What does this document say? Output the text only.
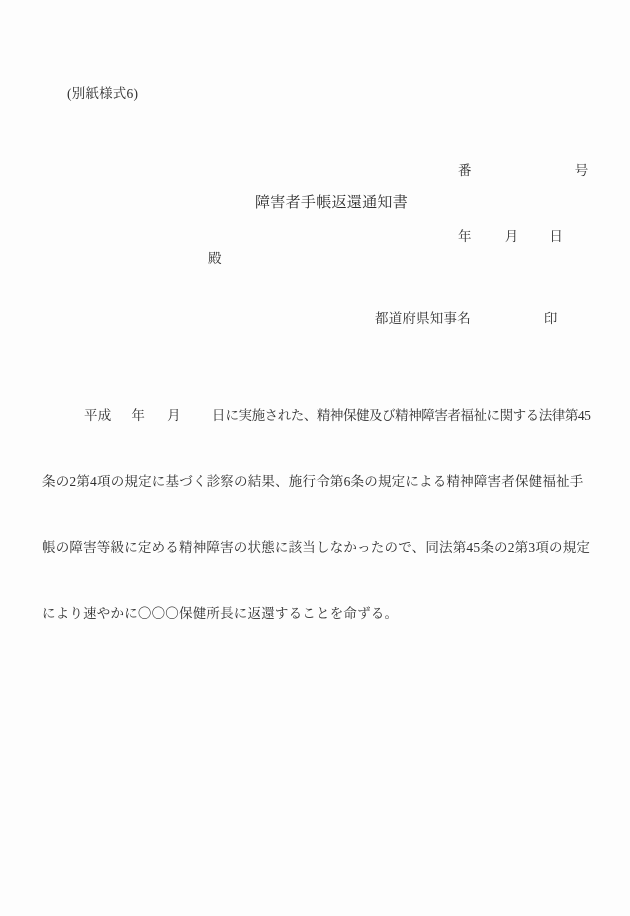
(別紙様式6)

番	号

年 月 日

障害者手帳返還通知書
殿
都道府県知事名	印

平成 年 月 日に実施された、精神保健及び精神障害者福祉に関する法律第45

条の2第4項の規定に基づく診察の結果、施行令第6条の規定による精神障害者保健福祉手

帳の障害等級に定める精神障害の状態に該当しなかったので、同法第45条の2第3項の規定

により速やかに〇〇〇保健所長に返還することを命ずる。
